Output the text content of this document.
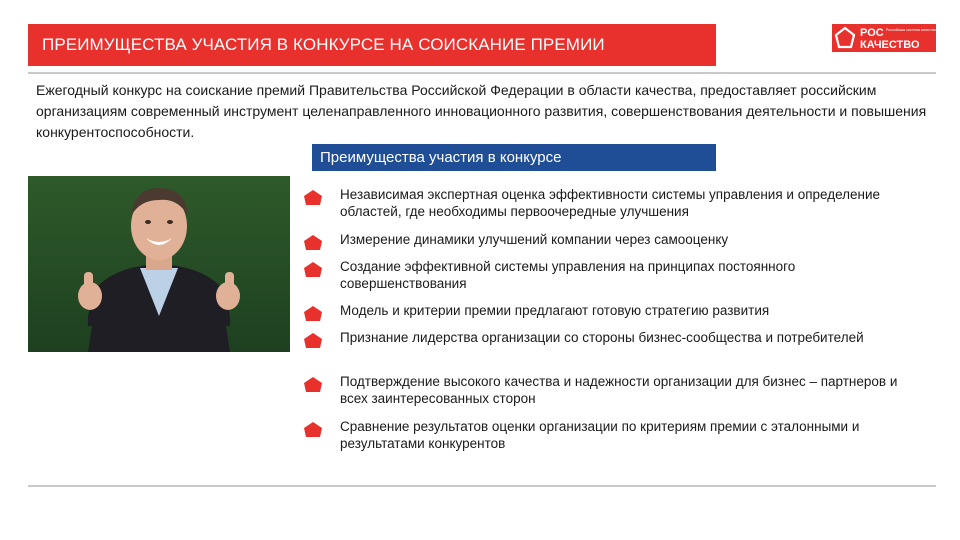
ПРЕИМУЩЕСТВА УЧАСТИЯ В КОНКУРСЕ НА СОИСКАНИЕ ПРЕМИИ
РОС Российская система качества
КАЧЕСТВО

Ежегодный конкурс на соискание премий Правительства Российской Федерации в области качества, предоставляет российским организациям современный инструмент целенаправленного инновационного развития, совершенствования деятельности и повышения конкурентоспособности.

Преимущества участия в конкурсе
Независимая экспертная оценка эффективности системы управления и определение областей, где необходимы первоочередные улучшения
Измерение динамики улучшений компании через самооценку
Создание эффективной системы управления на принципах постоянного совершенствования
Модель и критерии премии предлагают готовую стратегию развития
Признание лидерства организации со стороны бизнес-сообщества и потребителей
Подтверждение высокого качества и надежности организации для бизнес – партнеров и всех заинтересованных сторон
Сравнение результатов оценки организации по критериям премии с эталонными и результатами конкурентов
